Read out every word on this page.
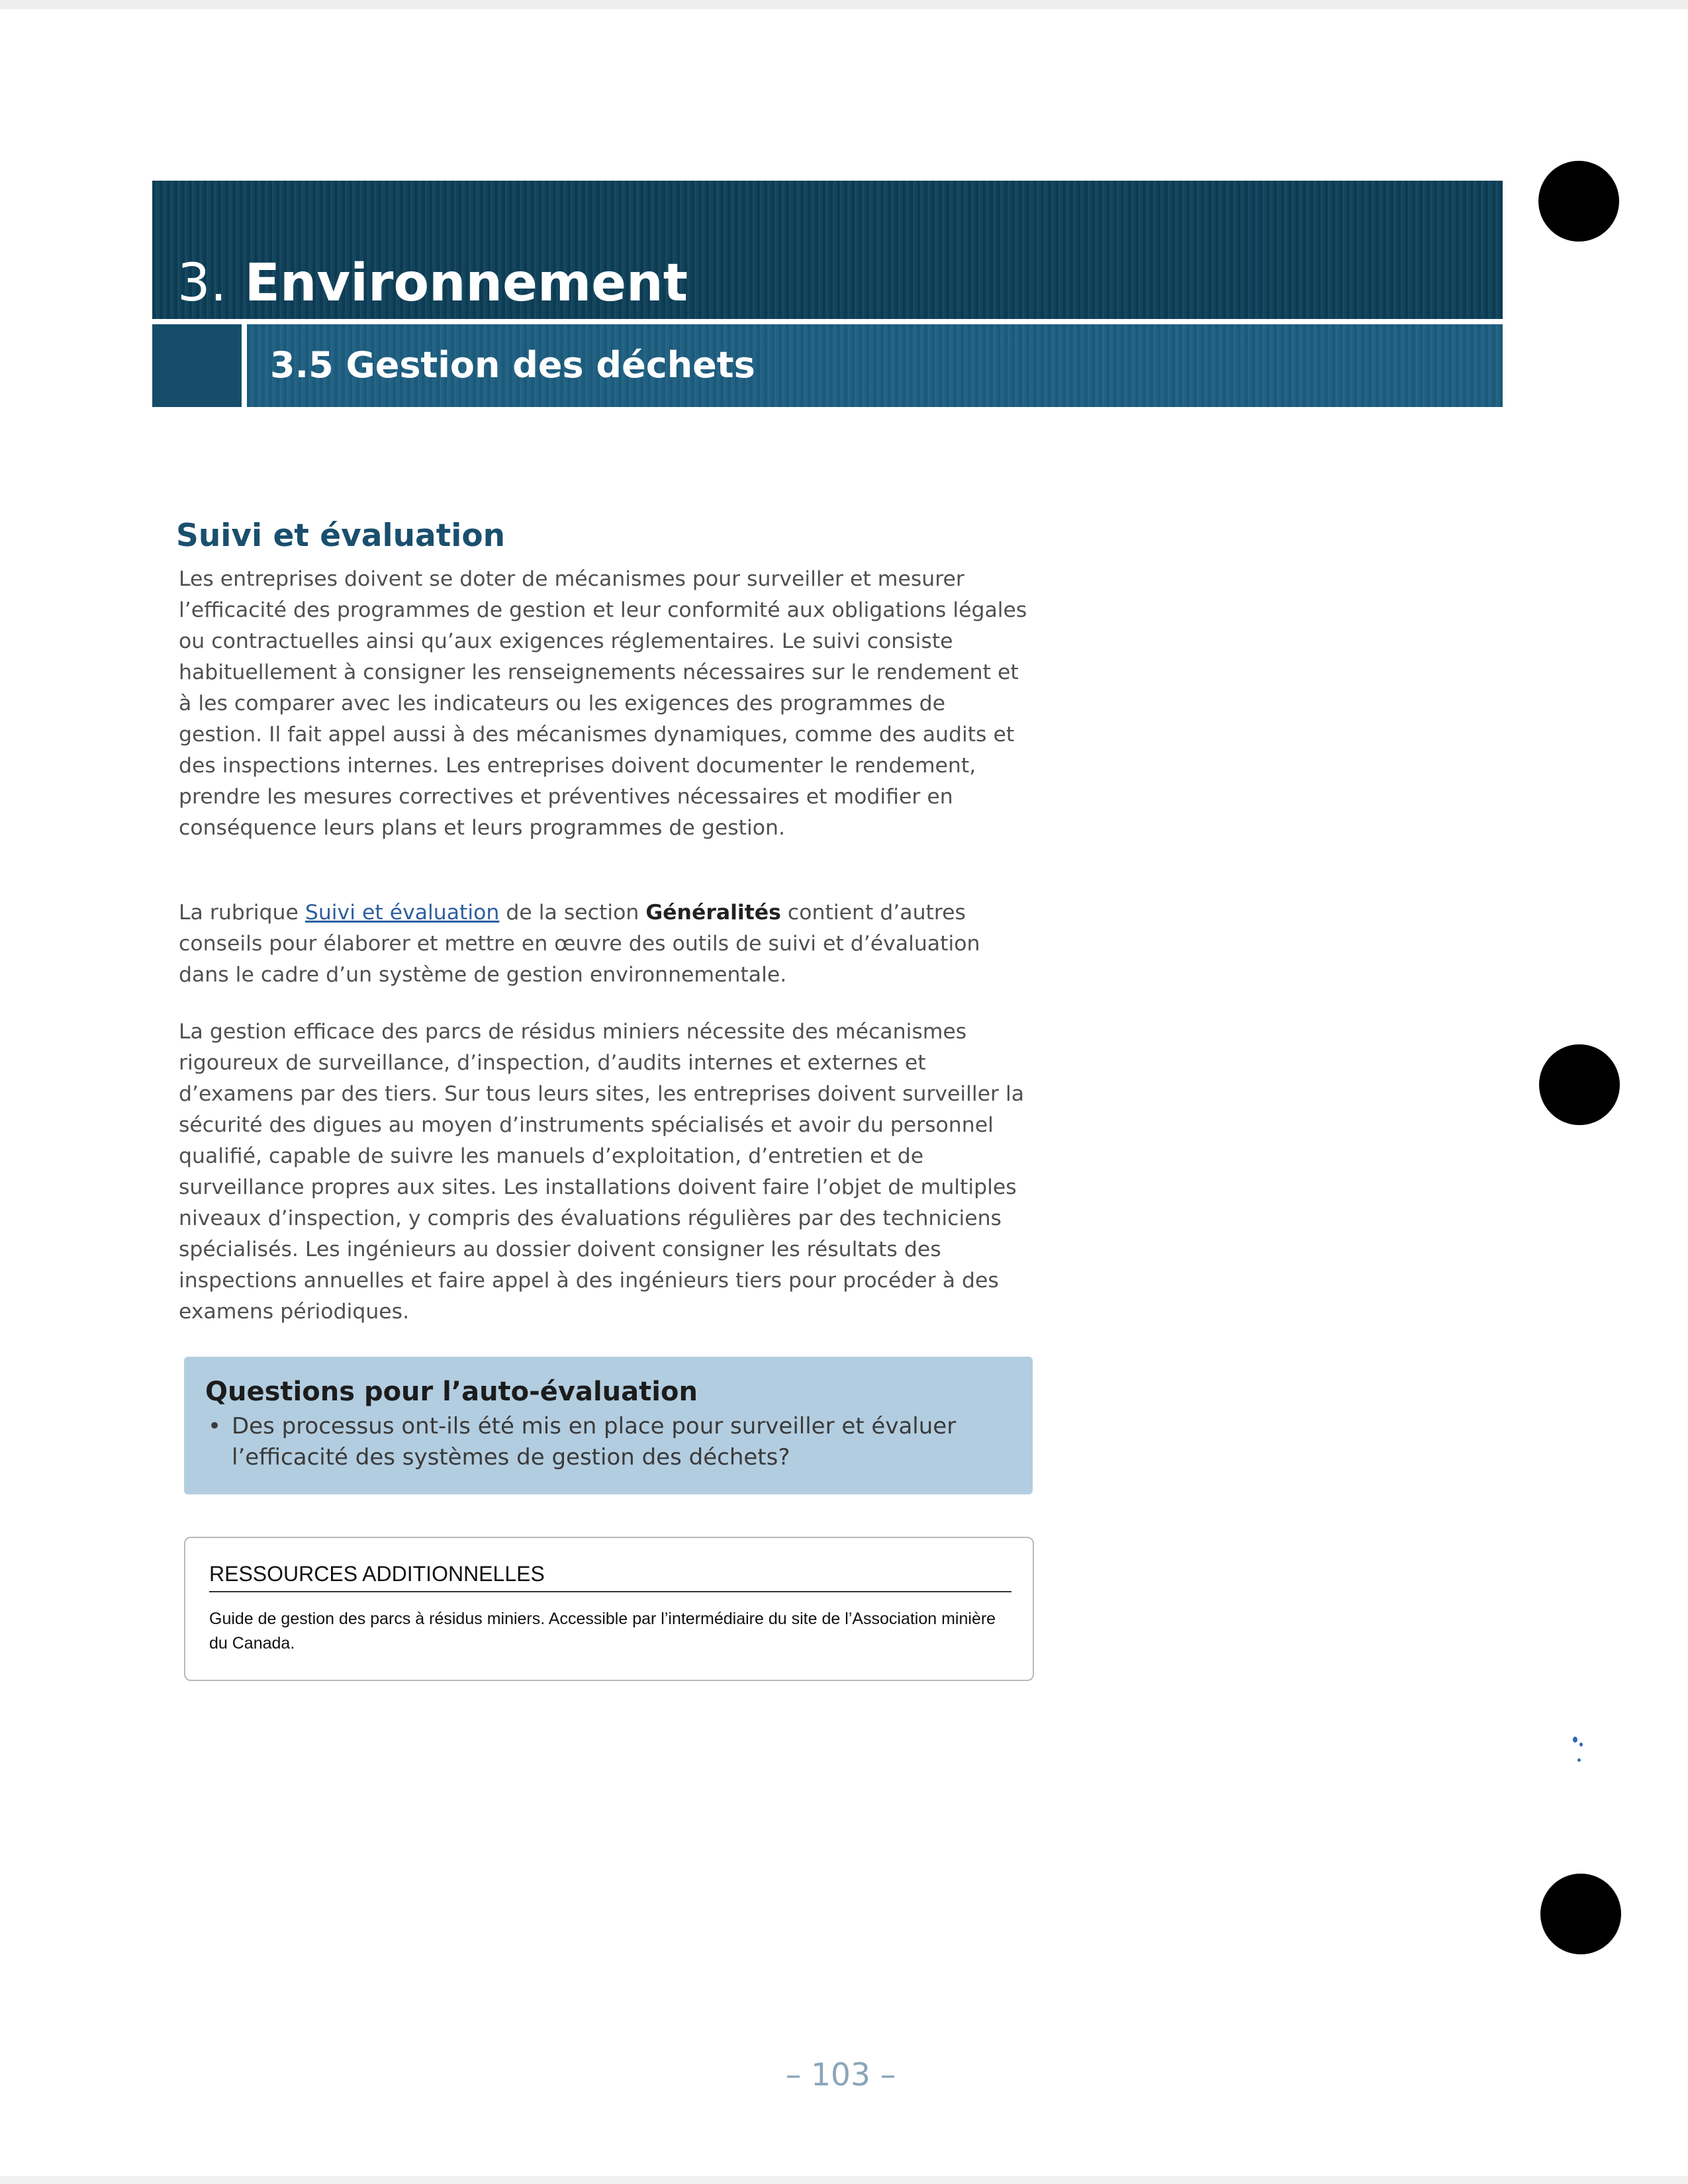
3. Environnement
3.5 Gestion des déchets
Suivi et évaluation

Les entreprises doivent se doter de mécanismes pour surveiller et mesurer l’efficacité des programmes de gestion et leur conformité aux obligations légales ou contractuelles ainsi qu’aux exigences réglementaires. Le suivi consiste habituellement à consigner les renseignements nécessaires sur le rendement et à les comparer avec les indicateurs ou les exigences des programmes de gestion. Il fait appel aussi à des mécanismes dynamiques, comme des audits et des inspections internes. Les entreprises doivent documenter le rendement, prendre les mesures correctives et préventives nécessaires et modifier en conséquence leurs plans et leurs programmes de gestion.

La rubrique Suivi et évaluation de la section Généralités contient d’autres conseils pour élaborer et mettre en œuvre des outils de suivi et d’évaluation dans le cadre d’un système de gestion environnementale.

La gestion efficace des parcs de résidus miniers nécessite des mécanismes rigoureux de surveillance, d’inspection, d’audits internes et externes et d’examens par des tiers. Sur tous leurs sites, les entreprises doivent surveiller la sécurité des digues au moyen d’instruments spécialisés et avoir du personnel qualifié, capable de suivre les manuels d’exploitation, d’entretien et de surveillance propres aux sites. Les installations doivent faire l’objet de multiples niveaux d’inspection, y compris des évaluations régulières par des techniciens spécialisés. Les ingénieurs au dossier doivent consigner les résultats des inspections annuelles et faire appel à des ingénieurs tiers pour procéder à des examens périodiques.

Questions pour l’auto-évaluation
• Des processus ont-ils été mis en place pour surveiller et évaluer l’efficacité des systèmes de gestion des déchets?
RESSOURCES ADDITIONNELLES

Guide de gestion des parcs à résidus miniers. Accessible par l’intermédiaire du site de l’Association minière du Canada.

– 103 –
